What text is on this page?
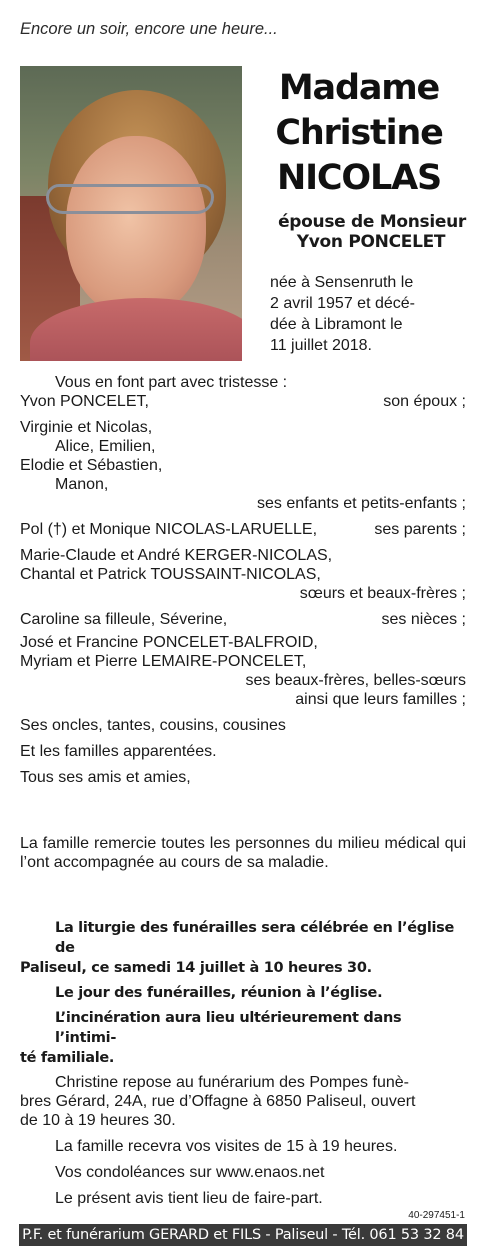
Encore un soir, encore une heure...
Madame
Christine
NICOLAS
épouse de Monsieur
Yvon PONCELET
née à Sensenruth le
2 avril 1957 et décé-
dée à Libramont le
11 juillet 2018.
Vous en font part avec tristesse :
Yvon PONCELET,	son époux ;
Virginie et Nicolas,
Alice, Emilien,
Elodie et Sébastien,
Manon,
ses enfants et petits-enfants ;
Pol (†) et Monique NICOLAS-LARUELLE,	ses parents ;
Marie-Claude et André KERGER-NICOLAS,
Chantal et Patrick TOUSSAINT-NICOLAS,
sœurs et beaux-frères ;
Caroline sa filleule, Séverine,	ses nièces ;
José et Francine PONCELET-BALFROID,
Myriam et Pierre LEMAIRE-PONCELET,
ses beaux-frères, belles-sœurs
ainsi que leurs familles ;
Ses oncles, tantes, cousins, cousines
Et les familles apparentées.
Tous ses amis et amies,
La famille remercie toutes les personnes du milieu médical qui l’ont accompagnée au cours de sa maladie.
La liturgie des funérailles sera célébrée en l’église de
Paliseul, ce samedi 14 juillet à 10 heures 30.
Le jour des funérailles, réunion à l’église.
L’incinération aura lieu ultérieurement dans l’intimi-
té familiale.
Christine repose au funérarium des Pompes funè-
bres Gérard, 24A, rue d’Offagne à 6850 Paliseul, ouvert
de 10 à 19 heures 30.
La famille recevra vos visites de 15 à 19 heures.
Vos condoléances sur www.enaos.net
Le présent avis tient lieu de faire-part.
40-297451-1
P.F. et funérarium GERARD et FILS - Paliseul - Tél. 061 53 32 84
